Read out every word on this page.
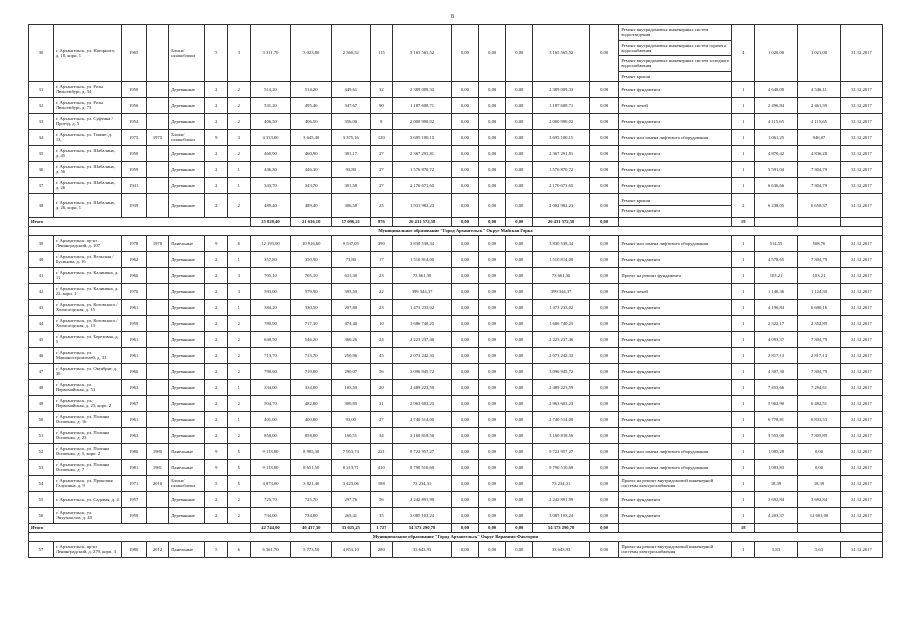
8
30	г. Архангельск, ул. Нагорного, д. 18, корп. 1	1965		Блоки/шлакоблоки	5	3	3 311,70	3 023,80	2 360,52	115	3 165 565,52	0,00	0,00	0,00	3 165 565,52	0,00	Ремонт внутридомовых инженерных систем водоотведения
Ремонт внутридомовых инженерных систем горячего водоснабжения
Ремонт внутридомовых инженерных систем холодного водоснабжения
Ремонт крыши	4	1 020,00	1 021,00	31.12.2017
31	г. Архангельск, ул. Розы Люксембург, д. 34	1950		Деревянные	2	2	514,20	514,20	449,61	32	2 389 009,33	0,00	0,00	0,00	2 389 009,33	0,00	Ремонт фундамента	1	4 640,00	4 546,11	31.12.2017
32	г. Архангельск, ул. Розы Люксембург, д. 73	1956		Деревянные	2	2	531,20	495,46	347,67	90	1 187 608,71	0,00	0,00	0,00	1 187 608,71	0,00	Ремонт печей	1	2 496,84	2 461,39	31.12.2017
33	г. Архангельск, ул. Суфтина / Проезд, д. 5	1954		Деревянные	2	2	406,50	406,50	356,00	8	2 000 990,02	0,00	0,00	0,00	2 000 990,02	0,00	Ремонт фундамента	1	4 115,65	4 115,65	31.12.2017
34	г. Архангельск, ул. Тимме, д. 13,	1975	1975	Блоки/шлакоблоки	9	3	4 313,00	3 645,40	3 375,16	120	3 695 100,15	0,00	0,00	0,00	3 695 100,15	0,00	Ремонт или замена лифтового оборудования	1	1 061,25	946,07	31.12.2017
35	г. Архангельск, ул. Шабалина, д. 45	1950		Деревянные	2	2	460,90	460,90	381,17	27	2 367 291,81	0,00	0,00	0,00	2 367 291,81	0,00	Ремонт фундамента	1	4 870,42	4 836,28	31.12.2017
36	г. Архангельск, ул. Шабалина, д. 56	1959		Деревянные	2	1	446,30	446,30	93,80	27	1 576 870,72	0,00	0,00	0,00	1 576 870,72	0,00	Ремонт фундамента	1	5 591,04	7 304,79	31.12.2017
37	г. Архангельск, ул. Шабалина, д. 26	1941		Деревянные	2	1	343,70	343,70	301,58	27	2 170 671,65	0,00	0,00	0,00	2 170 671,65	0,00	Ремонт фундамента	1	6 636,66	7 304,79	31.12.2017
38	г. Архангельск, ул. Шабалина, д. 26, корп. 1	1939		Деревянные	2	2	489,40	489,40	306,58	25	1 931 982,23	0,00	0,00	0,00	2 002 982,23	0,00	Ремонт крыши
Ремонт фундамента	2	6 238,05	6 650,37	31.12.2017
Итого							25 828,40	21 636,10	17 096,21	876	26 431 572,58	0,00	0,00	0,00	26 431 572,58	0,00		19			
Муниципальное образование "Город Архангельск" Округ Майская Горка																					
39	г. Архангельск, пр-кт Ленинградский, д. 107	1978	1978	Панельные	9	6	12 193,00	10 916,60	9 537,05	390	3 830 538,34	0,00	0,00	0,00	3 830 538,34	0,00	Ремонт или замена лифтового оборудования	1	514,55	508,76	31.12.2017
40	г. Архангельск, ул. Вельская / Бусинова, д. 16	1962		Деревянные	2	1	357,80	350,90	73,80	17	1 510 814,00	0,00	0,00	0,00	1 510 814,00	0,00	Ремонт фундамента	1	4 578,65	7 304,79	31.12.2017
41	г. Архангельск, ул. Калинина, д. 11	1960		Деревянные	2	3	705,10	705,10	631,30	23	73 661,30	0,00	0,00	0,00	73 661,30	0,00	Проект на ремонт фундамента	1	103,21	103,21	31.12.2017
42	г. Архангельск, ул. Калинина, д. 22, корп. 1	1970		Деревянные	2	3	593,00	579,90	395,50	22	399 344,37	0,00	0,00	0,00	399 344,37	0,00	Ремонт печей	1	1 146,36	1 124,30	31.12.2017
43	г. Архангельск, ул. Котовского / Холмогорская, д. 15	1961		Деревянные	2	1	384,20	330,50	207,80	23	1 473 233,02	0,00	0,00	0,00	1 473 233,02	0,00	Ремонт фундамента	1	4 196,84	6 680,16	31.12.2017
44	г. Архангельск, ул. Котовского / Холмогорская, д. 13	1959		Деревянные	2	2	780,90	717,30	474,40	10	1 686 740,25	0,00	0,00	0,00	1 686 740,25	0,00	Ремонт фундамента	1	2 322,17	2 352,89	31.12.2017
45	г. Архангельск, ул. Березовая, д. 5	1961		Деревянные	2	2	640,50	546,20	360,26	24	2 223 237,46	0,00	0,00	0,00	2 223 237,46	0,00	Ремонт фундамента	1	4 093,37	7 304,79	31.12.2017
46	г. Архангельск, ул. Машиностроителей, д. 31	1961		Деревянные	2	2	713,70	713,70	250,96	45	2 073 242,33	0,00	0,00	0,00	2 073 242,33	0,00	Ремонт фундамента	1	2 817,13	2 817,13	31.12.2017
47	г. Архангельск, ул. Октябрят, д. 36	1960		Деревянные	2	2	790,60	719,00	290,07	56	3 096 945,72	0,00	0,00	0,00	3 096 945,72	0,00	Ремонт фундамента	1	4 307,30	7 304,79	31.12.2017
48	г. Архангельск, ул. Первомайская, д. 53	1963		Деревянные	2	1	334,00	334,00	183,50	20	2 489 223,59	0,00	0,00	0,00	2 489 223,59	0,00	Ремонт фундамента	1	7 453,66	7 294,61	31.12.2017
49	г. Архангельск, ул. Первомайская, д. 25, корп. 2	1967		Деревянные	2	2	504,70	482,80	300,85	31	2 963 603,23	0,00	0,00	0,00	2 963 603,23	0,00	Ремонт фундамента	1	5 962,90	6 482,51	31.12.2017
50	г. Архангельск, ул. Полины Осипенко, д. 16	1961		Деревянные	2	1	401,00	400,80	93,00	27	2 740 514,00	0,00	0,00	0,00	2 740 514,00	0,00	Ремонт фундамента	1	6 778,81	6 833,53	31.12.2017
51	г. Архангельск, ул. Полины Осипенко, д. 23	1963		Деревянные	2	2	858,00	858,00	160,51	34	3 160 818,56	0,00	0,00	0,00	3 160 818,56	0,00	Ремонт фундамента	1	3 555,00	7 305,89	31.12.2017
52	г. Архангельск, ул. Полины Осипенко, д. 5, корп. 2	1980	1980	Панельные	9	5	9 113,00	8 985,30	7 953,74	221	9 722 957,27	0,00	0,00	0,00	9 722 957,27	0,00	Ремонт или замена лифтового оборудования	1	1 085,28	0,00	31.12.2017
53	г. Архангельск, ул. Полины Осипенко, д. 7	1981	1981	Панельные	9	5	9 113,00	8 651,50	8 213,71	410	9 790 510,69	0,00	0,00	0,00	9 790 510,69	0,00	Ремонт или замена лифтового оборудования	1	1 083,83	0,00	31.12.2017
54	г. Архангельск, ул. Прокопия Галушина, д. 9	1971	2016	Блоки/шлакоблоки	5	5	4 873,00	3 821,40	3 423,06	188	73 234,31	0,00	0,00	0,00	73 234,31	0,00	Проект на ремонт внутридомовой инженерной системы электроснабжения	1	18,39	18,39	31.12.2017
55	г. Архангельск, ул. Садовая, д. 4	1957		Деревянные	2	2	725,70	725,70	297,76	56	2 242 891,99	0,00	0,00	0,00	2 242 891,99	0,00	Ремонт фундамента	1	3 692,84	3 692,84	31.12.2017
56	г. Архангельск, ул. Энтузиастов, д. 40	1959		Деревянные	2	2	734,00	734,00	265,41	35	3 085 103,24	0,00	0,00	0,00	3 085 103,24	0,00	Ремонт фундамента	1	4 203,37	12 601,00	31.12.2017
Итого							42 744,00	40 437,30	33 025,25	1 727	54 373 290,78	0,00	0,00	0,00	54 373 290,78	0,00		18			
Муниципальное образование "Город Архангельск" Округ Варавино-Фактория																					
57	г. Архангельск, пр-кт Ленинградский, д. 279, корп. 3	1980	2012	Панельные	5	6	6 361,70	5 773,50	4 853,10	280	33 643,93	0,00	0,00	0,00	33 643,93	0,00	Проект на ремонт внутридомовой инженерной системы электроснабжения	1	5,83	5,63	31.12.2017
